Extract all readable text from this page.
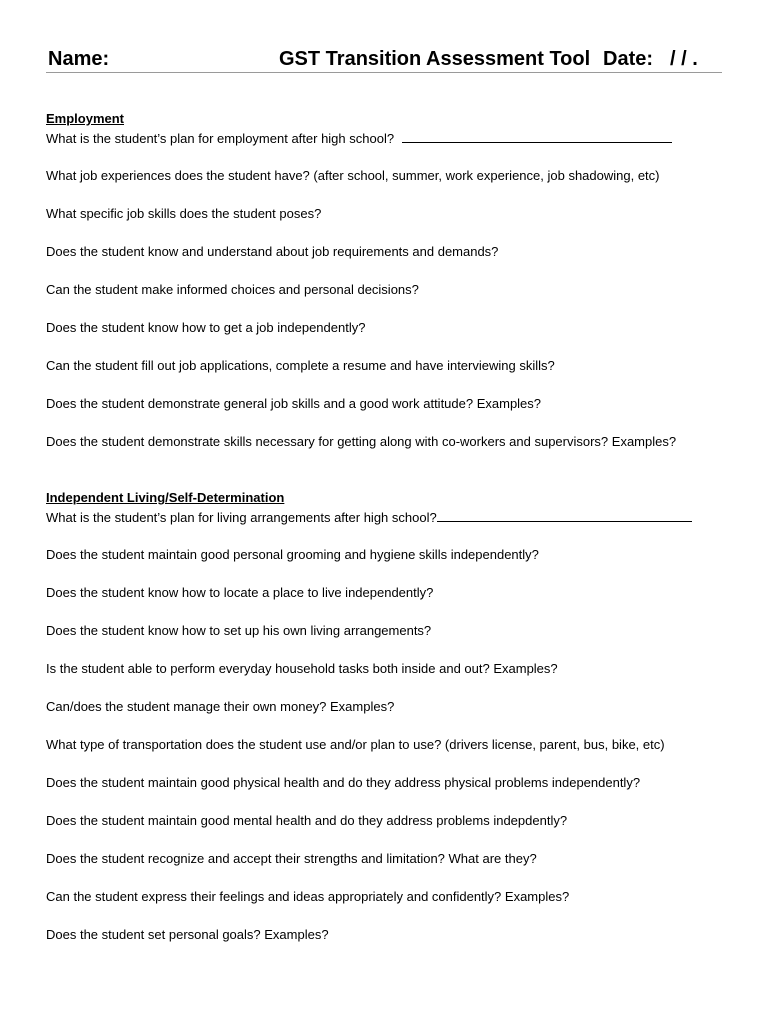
Name:	GST Transition Assessment Tool Date: / / .
Employment
What is the student’s plan for employment after high school?
What job experiences does the student have? (after school, summer, work experience, job shadowing, etc)
What specific job skills does the student poses?
Does the student know and understand about job requirements and demands?
Can the student make informed choices and personal decisions?
Does the student know how to get a job independently?
Can the student fill out job applications, complete a resume and have interviewing skills?
Does the student demonstrate general job skills and a good work attitude? Examples?
Does the student demonstrate skills necessary for getting along with co-workers and supervisors? Examples?
Independent Living/Self-Determination
What is the student’s plan for living arrangements after high school?
Does the student maintain good personal grooming and hygiene skills independently?
Does the student know how to locate a place to live independently?
Does the student know how to set up his own living arrangements?
Is the student able to perform everyday household tasks both inside and out? Examples?
Can/does the student manage their own money? Examples?
What type of transportation does the student use and/or plan to use? (drivers license, parent, bus, bike, etc)
Does the student maintain good physical health and do they address physical problems independently?
Does the student maintain good mental health and do they address problems indepdently?
Does the student recognize and accept their strengths and limitation? What are they?
Can the student express their feelings and ideas appropriately and confidently? Examples?
Does the student set personal goals? Examples?
